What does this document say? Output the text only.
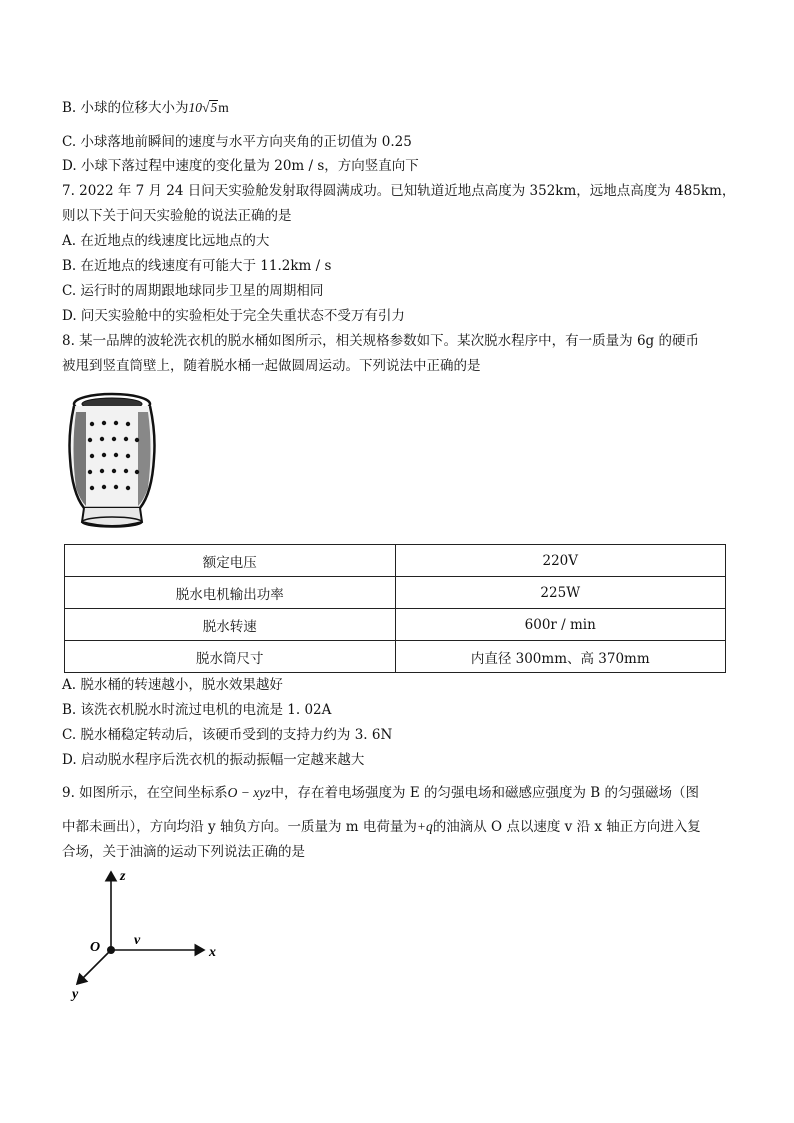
B. 小球的位移大小为10√5m
C. 小球落地前瞬间的速度与水平方向夹角的正切值为 0.25
D. 小球下落过程中速度的变化量为 20m / s，方向竖直向下
7. 2022 年 7 月 24 日问天实验舱发射取得圆满成功。已知轨道近地点高度为 352km，远地点高度为 485km，
则以下关于问天实验舱的说法正确的是
A. 在近地点的线速度比远地点的大
B. 在近地点的线速度有可能大于 11.2km / s
C. 运行时的周期跟地球同步卫星的周期相同
D. 问天实验舱中的实验柜处于完全失重状态不受万有引力
8. 某一品牌的波轮洗衣机的脱水桶如图所示，相关规格参数如下。某次脱水程序中，有一质量为 6g 的硬币
被甩到竖直筒壁上，随着脱水桶一起做圆周运动。下列说法中正确的是
额定电压	220V
脱水电机输出功率	225W
脱水转速	600r / min
脱水筒尺寸	内直径 300mm、高 370mm
A. 脱水桶的转速越小，脱水效果越好
B. 该洗衣机脱水时流过电机的电流是 1. 02A
C. 脱水桶稳定转动后，该硬币受到的支持力约为 3. 6N
D. 启动脱水程序后洗衣机的振动振幅一定越来越大
9. 如图所示，在空间坐标系O − xyz中，存在着电场强度为 E 的匀强电场和磁感应强度为 B 的匀强磁场（图
中都未画出），方向均沿 y 轴负方向。一质量为 m 电荷量为+q的油滴从 O 点以速度 v 沿 x 轴正方向进入复
合场，关于油滴的运动下列说法正确的是
z
x
y
O v
